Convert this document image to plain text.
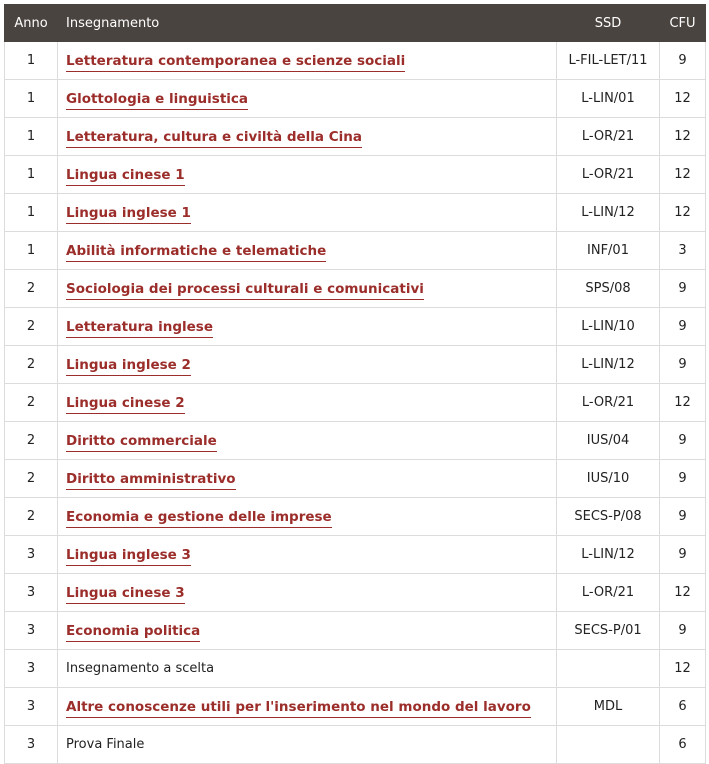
Anno	Insegnamento	SSD	CFU
1	Letteratura contemporanea e scienze sociali	L-FIL-LET/11	9
1	Glottologia e linguistica	L-LIN/01	12
1	Letteratura, cultura e civiltà della Cina	L-OR/21	12
1	Lingua cinese 1	L-OR/21	12
1	Lingua inglese 1	L-LIN/12	12
1	Abilità informatiche e telematiche	INF/01	3
2	Sociologia dei processi culturali e comunicativi	SPS/08	9
2	Letteratura inglese	L-LIN/10	9
2	Lingua inglese 2	L-LIN/12	9
2	Lingua cinese 2	L-OR/21	12
2	Diritto commerciale	IUS/04	9
2	Diritto amministrativo	IUS/10	9
2	Economia e gestione delle imprese	SECS-P/08	9
3	Lingua inglese 3	L-LIN/12	9
3	Lingua cinese 3	L-OR/21	12
3	Economia politica	SECS-P/01	9
3	Insegnamento a scelta		12
3	Altre conoscenze utili per l'inserimento nel mondo del lavoro	MDL	6
3	Prova Finale		6
